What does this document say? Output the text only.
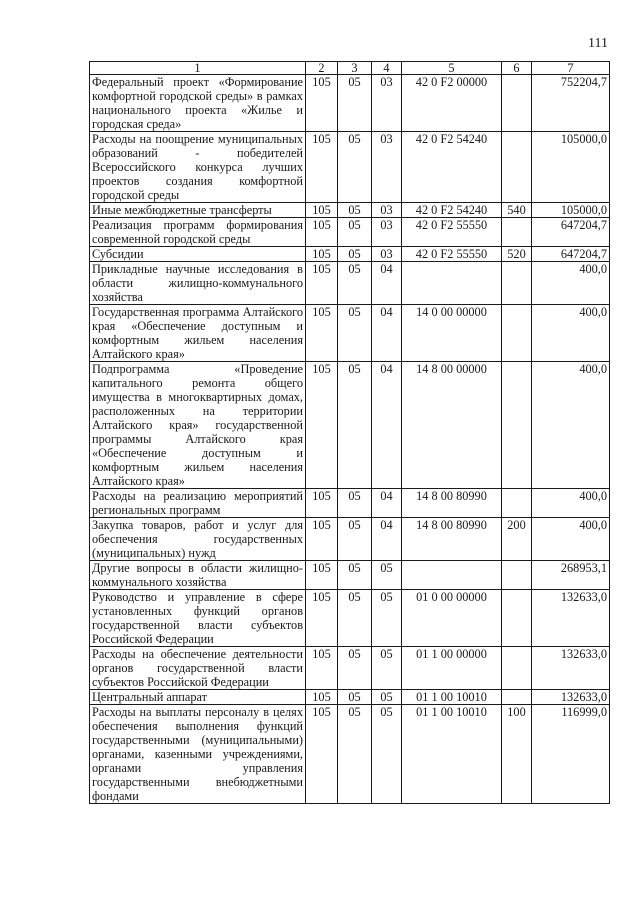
111
1	2	3	4	5	6	7
Федеральный проект «Формирование комфортной городской среды» в рамках национального проекта «Жилье и городская среда»	105	05	03	42 0 F2 00000		752204,7
Расходы на поощрение муниципальных образований - победителей Всероссийского конкурса лучших проектов создания комфортной городской среды	105	05	03	42 0 F2 54240		105000,0
Иные межбюджетные трансферты	105	05	03	42 0 F2 54240	540	105000,0
Реализация программ формирования современной городской среды	105	05	03	42 0 F2 55550		647204,7
Субсидии	105	05	03	42 0 F2 55550	520	647204,7
Прикладные научные исследования в области жилищно-коммунального хозяйства	105	05	04			400,0
Государственная программа Алтайского края «Обеспечение доступным и комфортным жильем населения Алтайского края»	105	05	04	14 0 00 00000		400,0
Подпрограмма «Проведение капитального ремонта общего имущества в многоквартирных домах, расположенных на территории Алтайского края» государственной программы Алтайского края «Обеспечение доступным и комфортным жильем населения Алтайского края»	105	05	04	14 8 00 00000		400,0
Расходы на реализацию мероприятий региональных программ	105	05	04	14 8 00 80990		400,0
Закупка товаров, работ и услуг для обеспечения государственных (муниципальных) нужд	105	05	04	14 8 00 80990	200	400,0
Другие вопросы в области жилищно-коммунального хозяйства	105	05	05			268953,1
Руководство и управление в сфере установленных функций органов государственной власти субъектов Российской Федерации	105	05	05	01 0 00 00000		132633,0
Расходы на обеспечение деятельности органов государственной власти субъектов Российской Федерации	105	05	05	01 1 00 00000		132633,0
Центральный аппарат	105	05	05	01 1 00 10010		132633,0
Расходы на выплаты персоналу в целях обеспечения выполнения функций государственными (муниципальными) органами, казенными учреждениями, органами управления государственными внебюджетными фондами	105	05	05	01 1 00 10010	100	116999,0
